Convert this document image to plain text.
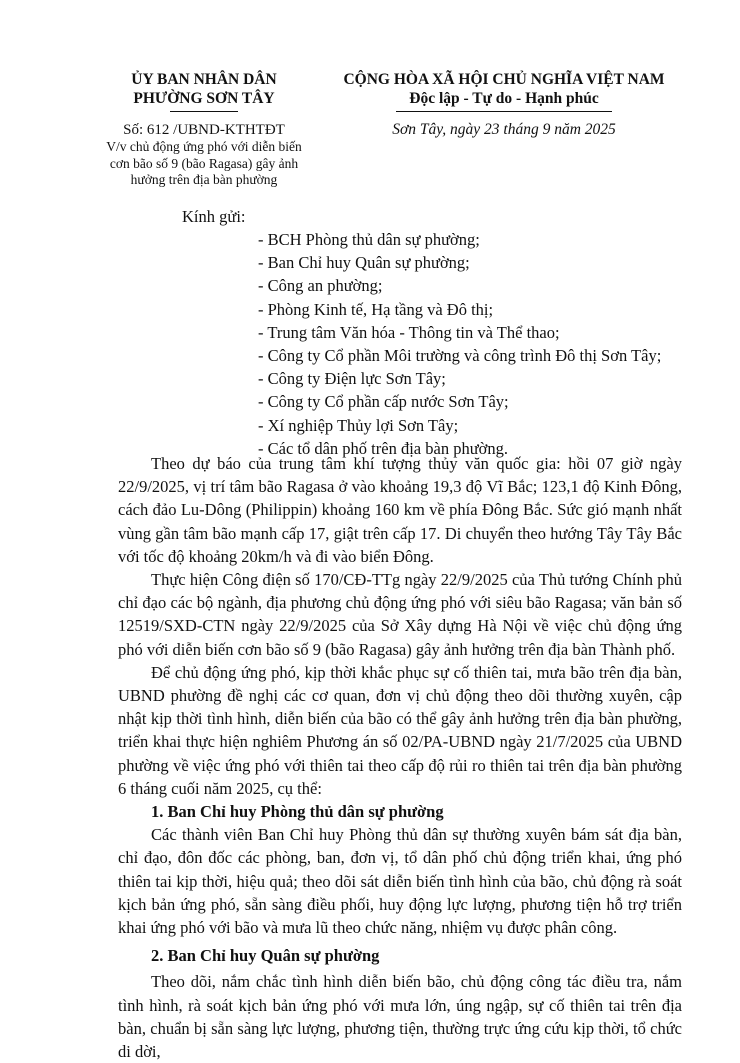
ỦY BAN NHÂN DÂN
PHƯỜNG SƠN TÂY
CỘNG HÒA XÃ HỘI CHỦ NGHĨA VIỆT NAM
Độc lập - Tự do - Hạnh phúc
Số: 612 /UBND-KTHTĐT
V/v chủ động ứng phó với diễn biến
cơn bão số 9 (bão Ragasa) gây ảnh
hưởng trên địa bàn phường
Sơn Tây, ngày 23 tháng 9 năm 2025
Kính gửi:
- BCH Phòng thủ dân sự phường;
- Ban Chỉ huy Quân sự phường;
- Công an phường;
- Phòng Kinh tế, Hạ tầng và Đô thị;
- Trung tâm Văn hóa - Thông tin và Thể thao;
- Công ty Cổ phần Môi trường và công trình Đô thị Sơn Tây;
- Công ty Điện lực Sơn Tây;
- Công ty Cổ phần cấp nước Sơn Tây;
- Xí nghiệp Thủy lợi Sơn Tây;
- Các tổ dân phố trên địa bàn phường.

Theo dự báo của trung tâm khí tượng thủy văn quốc gia: hồi 07 giờ ngày 22/9/2025, vị trí tâm bão Ragasa ở vào khoảng 19,3 độ Vĩ Bắc; 123,1 độ Kinh Đông, cách đảo Lu-Dông (Philippin) khoảng 160 km về phía Đông Bắc. Sức gió mạnh nhất vùng gần tâm bão mạnh cấp 17, giật trên cấp 17. Di chuyển theo hướng Tây Tây Bắc với tốc độ khoảng 20km/h và đi vào biển Đông.

Thực hiện Công điện số 170/CĐ-TTg ngày 22/9/2025 của Thủ tướng Chính phủ chỉ đạo các bộ ngành, địa phương chủ động ứng phó với siêu bão Ragasa; văn bản số 12519/SXD-CTN ngày 22/9/2025 của Sở Xây dựng Hà Nội về việc chủ động ứng phó với diễn biến cơn bão số 9 (bão Ragasa) gây ảnh hưởng trên địa bàn Thành phố.

Để chủ động ứng phó, kịp thời khắc phục sự cố thiên tai, mưa bão trên địa bàn, UBND phường đề nghị các cơ quan, đơn vị chủ động theo dõi thường xuyên, cập nhật kịp thời tình hình, diễn biến của bão có thể gây ảnh hưởng trên địa bàn phường, triển khai thực hiện nghiêm Phương án số 02/PA-UBND ngày 21/7/2025 của UBND phường về việc ứng phó với thiên tai theo cấp độ rủi ro thiên tai trên địa bàn phường 6 tháng cuối năm 2025, cụ thể:

1. Ban Chỉ huy Phòng thủ dân sự phường

Các thành viên Ban Chỉ huy Phòng thủ dân sự thường xuyên bám sát địa bàn, chỉ đạo, đôn đốc các phòng, ban, đơn vị, tổ dân phố chủ động triển khai, ứng phó thiên tai kịp thời, hiệu quả; theo dõi sát diễn biến tình hình của bão, chủ động rà soát kịch bản ứng phó, sẵn sàng điều phối, huy động lực lượng, phương tiện hỗ trợ triển khai ứng phó với bão và mưa lũ theo chức năng, nhiệm vụ được phân công.

2. Ban Chỉ huy Quân sự phường

Theo dõi, nắm chắc tình hình diễn biến bão, chủ động công tác điều tra, nắm tình hình, rà soát kịch bản ứng phó với mưa lớn, úng ngập, sự cố thiên tai trên địa bàn, chuẩn bị sẵn sàng lực lượng, phương tiện, thường trực ứng cứu kịp thời, tổ chức di dời,
